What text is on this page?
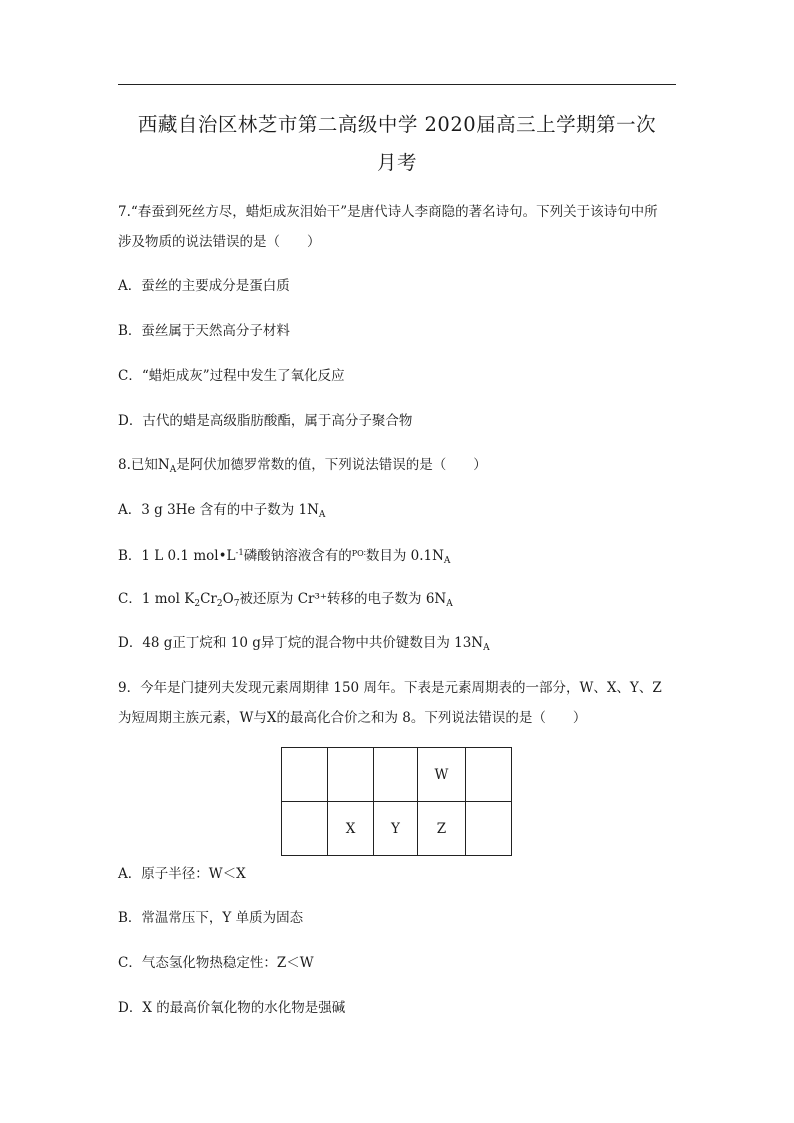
西藏自治区林芝市第二高级中学 2020届高三上学期第一次
月考
7.“春蚕到死丝方尽，蜡炬成灰泪始干”是唐代诗人李商隐的著名诗句。下列关于该诗句中所
涉及物质的说法错误的是（　　）
A．蚕丝的主要成分是蛋白质
B．蚕丝属于天然高分子材料
C．“蜡炬成灰”过程中发生了氧化反应
D．古代的蜡是高级脂肪酸酯，属于高分子聚合物
8.已知$N_A$是阿伏加德罗常数的值，下列说法错误的是（　　）
A．3 g 3He 含有的中子数为 $1N_A$
B．1 L 0.1 $mol•L^{-1}$磷酸钠溶液含有的$^{PO∶}$数目为 $0.1N_A$
C．1 mol $K_2Cr_2O_7$被还原为 Cr³⁺转移的电子数为 $6N_A$
D．48 g正丁烷和 10 g异丁烷的混合物中共价键数目为 $13N_A$
9．今年是门捷列夫发现元素周期律 150 周年。下表是元素周期表的一部分，W、X、Y、Z
为短周期主族元素，W与X的最高化合价之和为 8。下列说法错误的是（　　）
			W	
	X	Y	Z	
A．原子半径：W＜X
B．常温常压下，Y 单质为固态
C．气态氢化物热稳定性：Z＜W
D．X 的最高价氧化物的水化物是强碱
